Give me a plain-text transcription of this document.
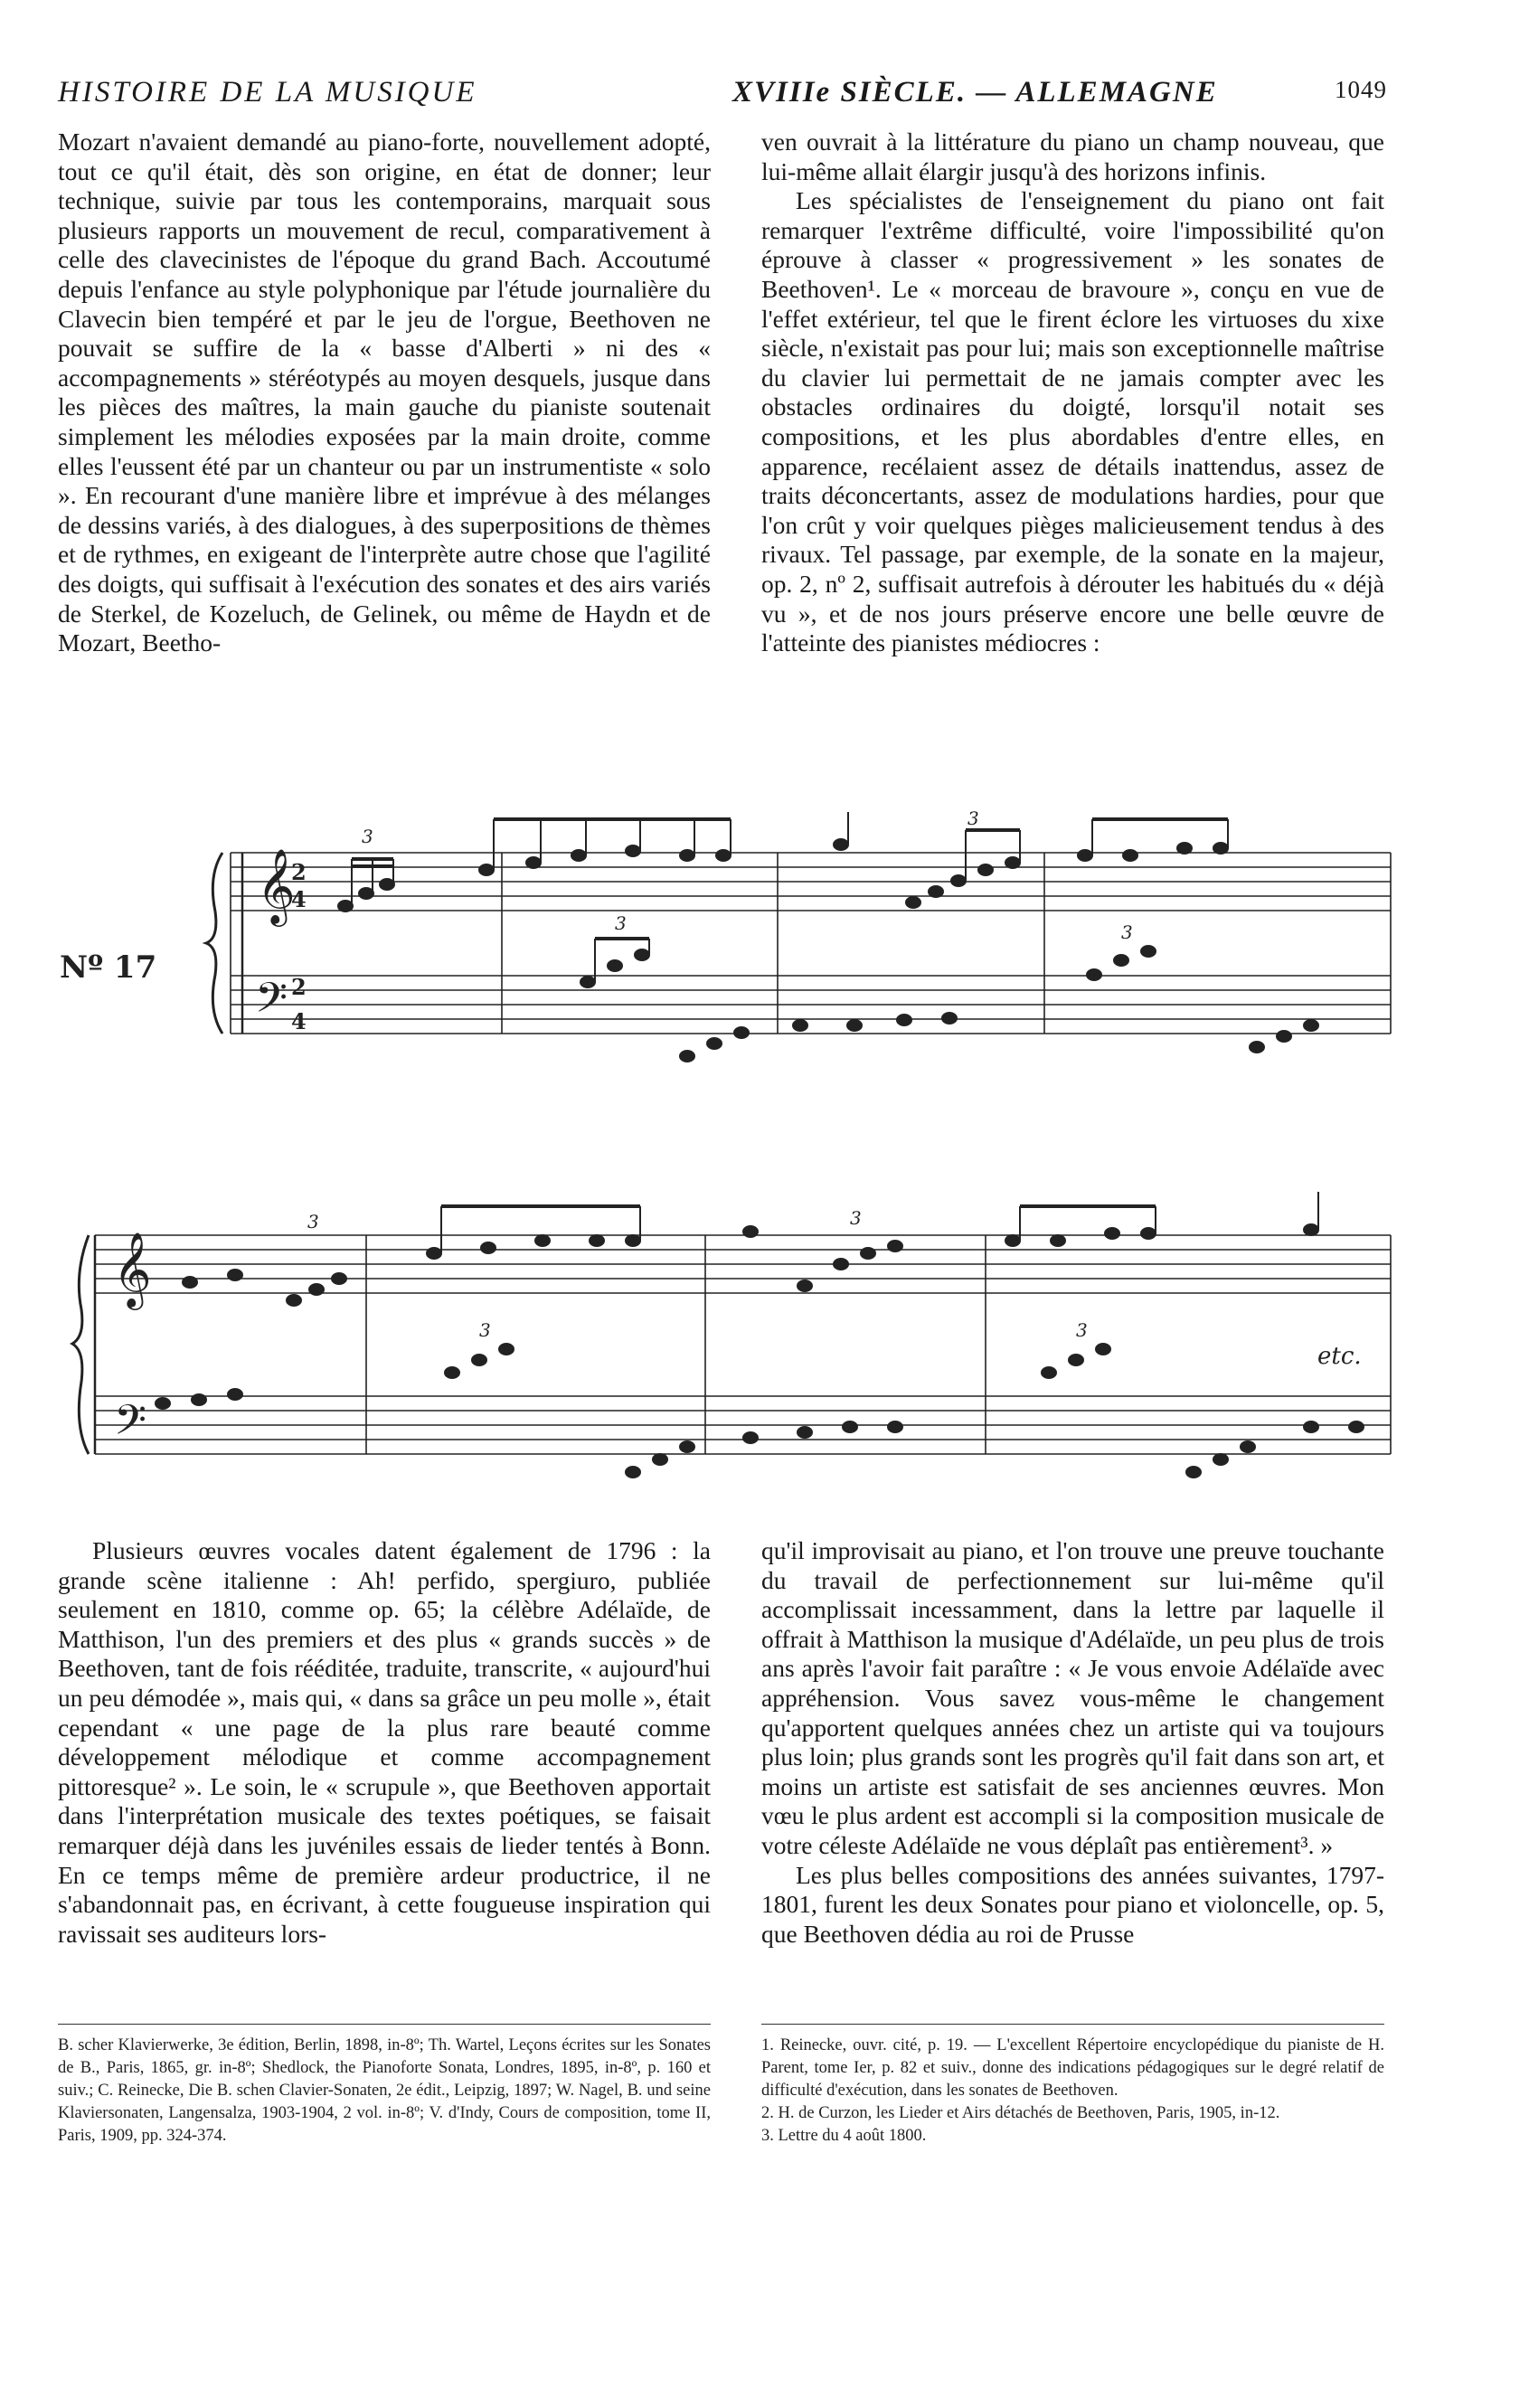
HISTOIRE DE LA MUSIQUE	XVIIIe SIÈCLE. — ALLEMAGNE	1049

Mozart n'avaient demandé au piano-forte, nouvellement adopté, tout ce qu'il était, dès son origine, en état de donner; leur technique, suivie par tous les contemporains, marquait sous plusieurs rapports un mouvement de recul, comparativement à celle des clavecinistes de l'époque du grand Bach. Accoutumé depuis l'enfance au style polyphonique par l'étude journalière du Clavecin bien tempéré et par le jeu de l'orgue, Beethoven ne pouvait se suffire de la « basse d'Alberti » ni des « accompagnements » stéréotypés au moyen desquels, jusque dans les pièces des maîtres, la main gauche du pianiste soutenait simplement les mélodies exposées par la main droite, comme elles l'eussent été par un chanteur ou par un instrumentiste « solo ». En recourant d'une manière libre et imprévue à des mélanges de dessins variés, à des dialogues, à des superpositions de thèmes et de rythmes, en exigeant de l'interprète autre chose que l'agilité des doigts, qui suffisait à l'exécution des sonates et des airs variés de Sterkel, de Kozeluch, de Gelinek, ou même de Haydn et de Mozart, Beetho-

ven ouvrait à la littérature du piano un champ nouveau, que lui-même allait élargir jusqu'à des horizons infinis.

Les spécialistes de l'enseignement du piano ont fait remarquer l'extrême difficulté, voire l'impossibilité qu'on éprouve à classer « progressivement » les sonates de Beethoven¹. Le « morceau de bravoure », conçu en vue de l'effet extérieur, tel que le firent éclore les virtuoses du xixe siècle, n'existait pas pour lui; mais son exceptionnelle maîtrise du clavier lui permettait de ne jamais compter avec les obstacles ordinaires du doigté, lorsqu'il notait ses compositions, et les plus abordables d'entre elles, en apparence, recélaient assez de détails inattendus, assez de traits déconcertants, assez de modulations hardies, pour que l'on crût y voir quelques pièges malicieusement tendus à des rivaux. Tel passage, par exemple, de la sonate en la majeur, op. 2, nº 2, suffisait autrefois à dérouter les habitués du « déjà vu », et de nos jours préserve encore une belle œuvre de l'atteinte des pianistes médiocres :

𝄞
𝄢
2
4
2
4
𝄞
𝄢
Nº 17
etc.
3
3
3	3
3	3
3	3

Plusieurs œuvres vocales datent également de 1796 : la grande scène italienne : Ah! perfido, spergiuro, publiée seulement en 1810, comme op. 65; la célèbre Adélaïde, de Matthison, l'un des premiers et des plus « grands succès » de Beethoven, tant de fois rééditée, traduite, transcrite, « aujourd'hui un peu démodée », mais qui, « dans sa grâce un peu molle », était cependant « une page de la plus rare beauté comme développement mélodique et comme accompagnement pittoresque² ». Le soin, le « scrupule », que Beethoven apportait dans l'interprétation musicale des textes poétiques, se faisait remarquer déjà dans les juvéniles essais de lieder tentés à Bonn. En ce temps même de première ardeur productrice, il ne s'abandonnait pas, en écrivant, à cette fougueuse inspiration qui ravissait ses auditeurs lors-

qu'il improvisait au piano, et l'on trouve une preuve touchante du travail de perfectionnement sur lui-même qu'il accomplissait incessamment, dans la lettre par laquelle il offrait à Matthison la musique d'Adélaïde, un peu plus de trois ans après l'avoir fait paraître : « Je vous envoie Adélaïde avec appréhension. Vous savez vous-même le changement qu'apportent quelques années chez un artiste qui va toujours plus loin; plus grands sont les progrès qu'il fait dans son art, et moins un artiste est satisfait de ses anciennes œuvres. Mon vœu le plus ardent est accompli si la composition musicale de votre céleste Adélaïde ne vous déplaît pas entièrement³. »

Les plus belles compositions des années suivantes, 1797-1801, furent les deux Sonates pour piano et violoncelle, op. 5, que Beethoven dédia au roi de Prusse

B. scher Klavierwerke, 3e édition, Berlin, 1898, in-8º; Th. Wartel, Leçons écrites sur les Sonates de B., Paris, 1865, gr. in-8º; Shedlock, the Pianoforte Sonata, Londres, 1895, in-8º, p. 160 et suiv.; C. Reinecke, Die B. schen Clavier-Sonaten, 2e édit., Leipzig, 1897; W. Nagel, B. und seine Klaviersonaten, Langensalza, 1903-1904, 2 vol. in-8º; V. d'Indy, Cours de composition, tome II, Paris, 1909, pp. 324-374.

1. Reinecke, ouvr. cité, p. 19. — L'excellent Répertoire encyclopédique du pianiste de H. Parent, tome Ier, p. 82 et suiv., donne des indications pédagogiques sur le degré relatif de difficulté d'exécution, dans les sonates de Beethoven.

2. H. de Curzon, les Lieder et Airs détachés de Beethoven, Paris, 1905, in-12.

3. Lettre du 4 août 1800.
